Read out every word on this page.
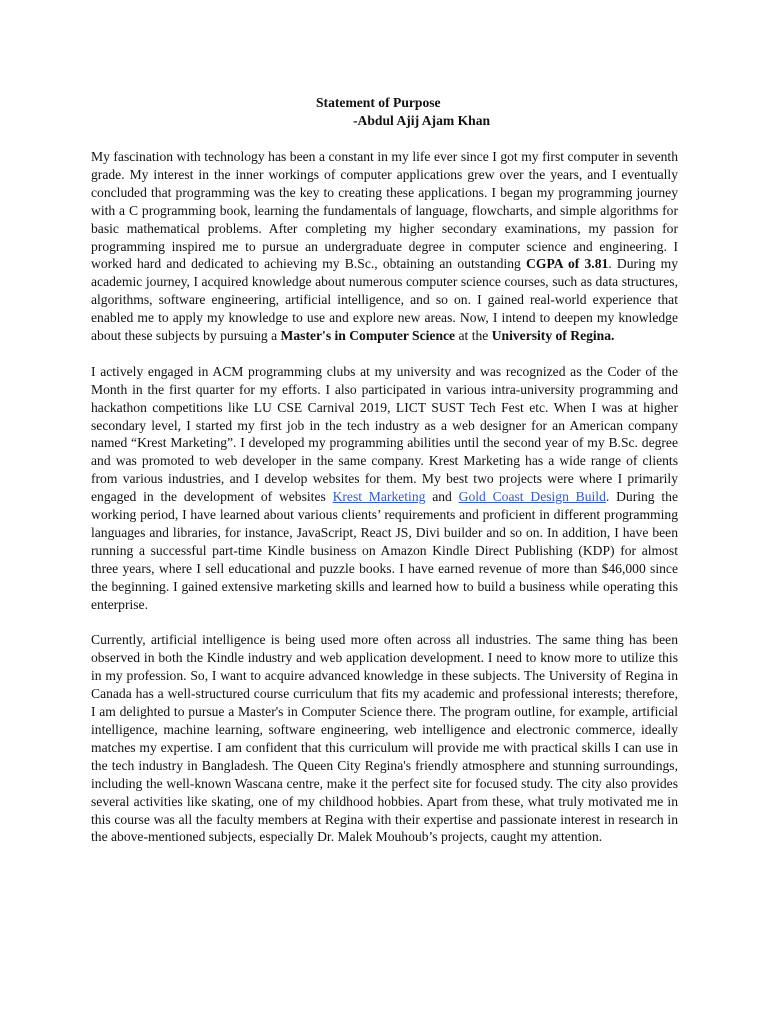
Statement of Purpose
-Abdul Ajij Ajam Khan

My fascination with technology has been a constant in my life ever since I got my first computer in seventh grade. My interest in the inner workings of computer applications grew over the years, and I eventually concluded that programming was the key to creating these applications. I began my programming journey with a C programming book, learning the fundamentals of language, flowcharts, and simple algorithms for basic mathematical problems. After completing my higher secondary examinations, my passion for programming inspired me to pursue an undergraduate degree in computer science and engineering. I worked hard and dedicated to achieving my B.Sc., obtaining an outstanding CGPA of 3.81. During my academic journey, I acquired knowledge about numerous computer science courses, such as data structures, algorithms, software engineering, artificial intelligence, and so on. I gained real-world experience that enabled me to apply my knowledge to use and explore new areas. Now, I intend to deepen my knowledge about these subjects by pursuing a Master's in Computer Science at the University of Regina.

I actively engaged in ACM programming clubs at my university and was recognized as the Coder of the Month in the first quarter for my efforts. I also participated in various intra-university programming and hackathon competitions like LU CSE Carnival 2019, LICT SUST Tech Fest etc. When I was at higher secondary level, I started my first job in the tech industry as a web designer for an American company named “Krest Marketing”. I developed my programming abilities until the second year of my B.Sc. degree and was promoted to web developer in the same company. Krest Marketing has a wide range of clients from various industries, and I develop websites for them. My best two projects were where I primarily engaged in the development of websites Krest Marketing and Gold Coast Design Build. During the working period, I have learned about various clients’ requirements and proficient in different programming languages and libraries, for instance, JavaScript, React JS, Divi builder and so on. In addition, I have been running a successful part-time Kindle business on Amazon Kindle Direct Publishing (KDP) for almost three years, where I sell educational and puzzle books. I have earned revenue of more than $46,000 since the beginning. I gained extensive marketing skills and learned how to build a business while operating this enterprise.

Currently, artificial intelligence is being used more often across all industries. The same thing has been observed in both the Kindle industry and web application development. I need to know more to utilize this in my profession. So, I want to acquire advanced knowledge in these subjects. The University of Regina in Canada has a well-structured course curriculum that fits my academic and professional interests; therefore, I am delighted to pursue a Master's in Computer Science there. The program outline, for example, artificial intelligence, machine learning, software engineering, web intelligence and electronic commerce, ideally matches my expertise. I am confident that this curriculum will provide me with practical skills I can use in the tech industry in Bangladesh. The Queen City Regina's friendly atmosphere and stunning surroundings, including the well-known Wascana centre, make it the perfect site for focused study. The city also provides several activities like skating, one of my childhood hobbies. Apart from these, what truly motivated me in this course was all the faculty members at Regina with their expertise and passionate interest in research in the above-mentioned subjects, especially Dr. Malek Mouhoub’s projects, caught my attention.
